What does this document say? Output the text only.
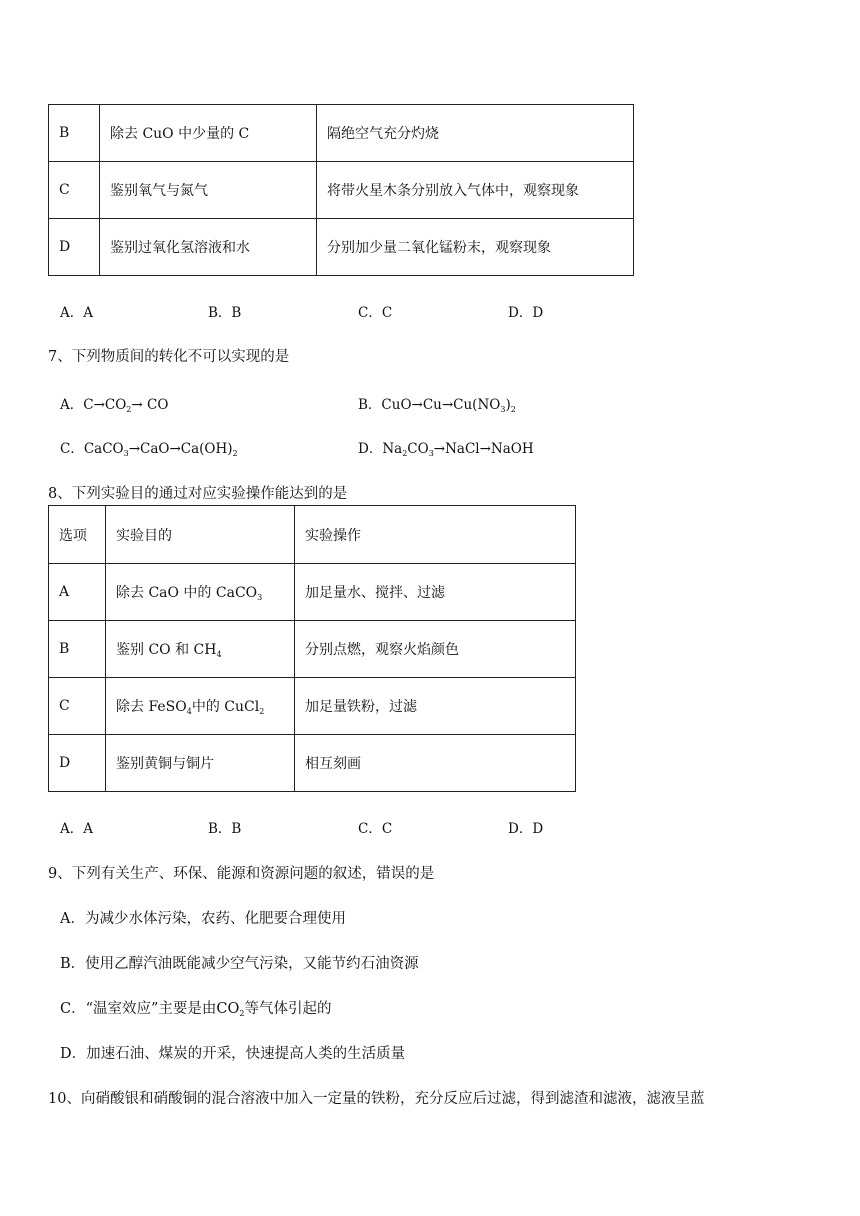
B	除去 CuO 中少量的 C	隔绝空气充分灼烧
C	鉴别氧气与氮气	将带火星木条分别放入气体中，观察现象
D	鉴别过氧化氢溶液和水	分别加少量二氧化锰粉末，观察现象
A．A	B．B	C．C	D．D
7、下列物质间的转化不可以实现的是
A．$C\to CO_2\to$ CO	B．$CuO\to Cu\to Cu(NO_3)_2$
C．$CaCO_3\to CaO\to Ca(OH)_2$	D．$Na_2CO_3\to NaCl\to NaOH$
8、下列实验目的通过对应实验操作能达到的是
选项	实验目的	实验操作
A	除去 CaO 中的 CaCO$_3$	加足量水、搅拌、过滤
B	鉴别 CO 和 $CH_4$	分别点燃，观察火焰颜色
C	除去 FeSO$_4$中的 CuCl$_2$	加足量铁粉，过滤
D	鉴别黄铜与铜片	相互刻画
A．A	B．B	C．C	D．D
9、下列有关生产、环保、能源和资源问题的叙述，错误的是
A．为减少水体污染，农药、化肥要合理使用
B．使用乙醇汽油既能减少空气污染，又能节约石油资源
C．“温室效应”主要是由$CO_2$等气体引起的
D．加速石油、煤炭的开采，快速提高人类的生活质量
10、向硝酸银和硝酸铜的混合溶液中加入一定量的铁粉，充分反应后过滤，得到滤渣和滤液，滤液呈蓝
